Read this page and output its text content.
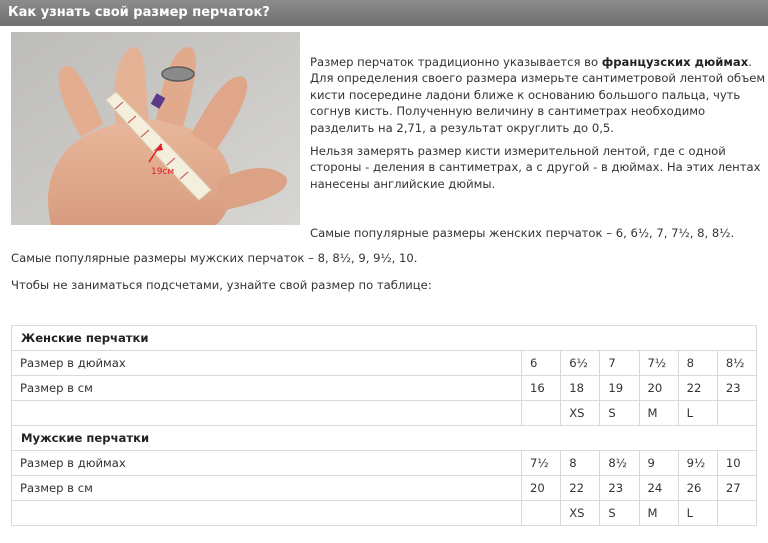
Как узнать свой размер перчаток?
19см

Размер перчаток традиционно указывается во французских дюймах. Для определения своего размера измерьте сантиметровой лентой объем кисти посередине ладони ближе к основанию большого пальца, чуть согнув кисть. Полученную величину в сантиметрах необходимо разделить на 2,71, а результат округлить до 0,5.

Нельзя замерять размер кисти измерительной лентой, где с одной стороны - деления в сантиметрах, а с другой - в дюймах. На этих лентах нанесены английские дюймы.

Самые популярные размеры женских перчаток – 6, 6½, 7, 7½, 8, 8½.

Самые популярные размеры мужских перчаток – 8, 8½, 9, 9½, 10.

Чтобы не заниматься подсчетами, узнайте свой размер по таблице:

Женские перчатки						
Размер в дюймах	6	6½	7	7½	8	8½
Размер в см	16	18	19	20	22	23
		XS	S	M	L	
Мужские перчатки						
Размер в дюймах	7½	8	8½	9	9½	10
Размер в см	20	22	23	24	26	27
		XS	S	M	L	
